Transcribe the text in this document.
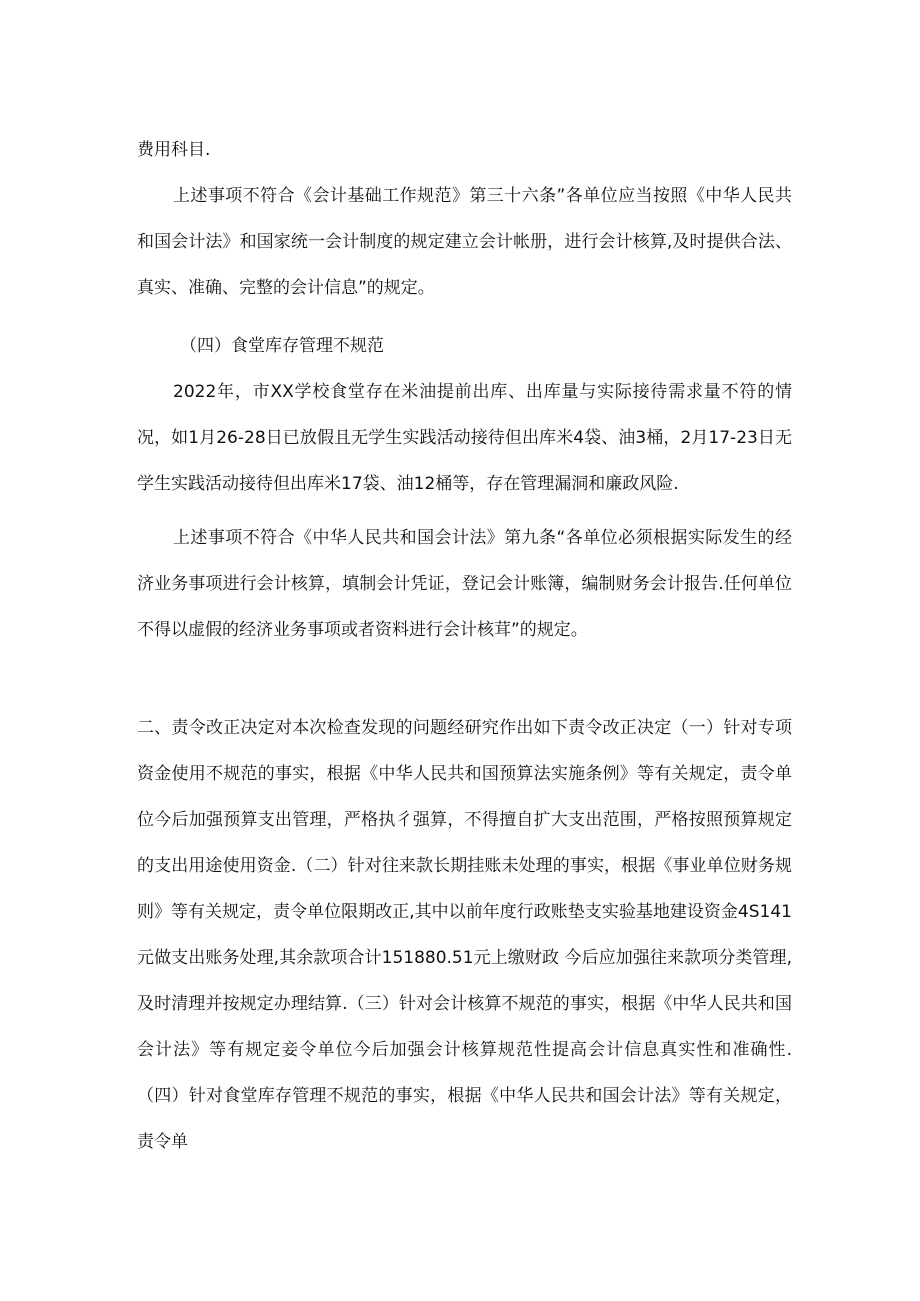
费用科目.

上述事项不符合《会计基础工作规范》第三十六条”各单位应当按照《中华人民共和国会计法》和国家统一会计制度的规定建立会计帐册，进行会计核算,及时提供合法、真实、准确、完整的会计信息”的规定。

（四）食堂库存管理不规范

2022年，市XX学校食堂存在米油提前出库、出库量与实际接待需求量不符的情况，如1月26-28日已放假且无学生实践活动接待但出库米4袋、油3桶，2月17-23日无学生实践活动接待但出库米17袋、油12桶等，存在管理漏洞和廉政风险.

上述事项不符合《中华人民共和国会计法》第九条“各单位必须根据实际发生的经济业务事项进行会计核算，填制会计凭证，登记会计账簿，编制财务会计报告.任何单位不得以虚假的经济业务事项或者资料进行会计核茸”的规定。

二、责令改正决定对本次检查发现的问题经研究作出如下责令改正决定（一）针对专项资金使用不规范的事实，根据《中华人民共和国预算法实施条例》等有关规定，责令单位今后加强预算支出管理，严格执彳强算，不得擅自扩大支出范围，严格按照预算规定的支出用途使用资金.（二）针对往来款长期挂账未处理的事实，根据《事业单位财务规则》等有关规定，责令单位限期改正,其中以前年度行政账垫支实验基地建设资金4S141元做支出账务处理,其余款项合计151880.51元上缴财政 今后应加强往来款项分类管理,及时清理并按规定办理结算.（三）针对会计核算不规范的事实，根据《中华人民共和国会计法》等有规定妾令单位今后加强会计核算规范性提高会计信息真实性和准确性.（四）针对食堂库存管理不规范的事实，根据《中华人民共和国会计法》等有关规定，责令单
